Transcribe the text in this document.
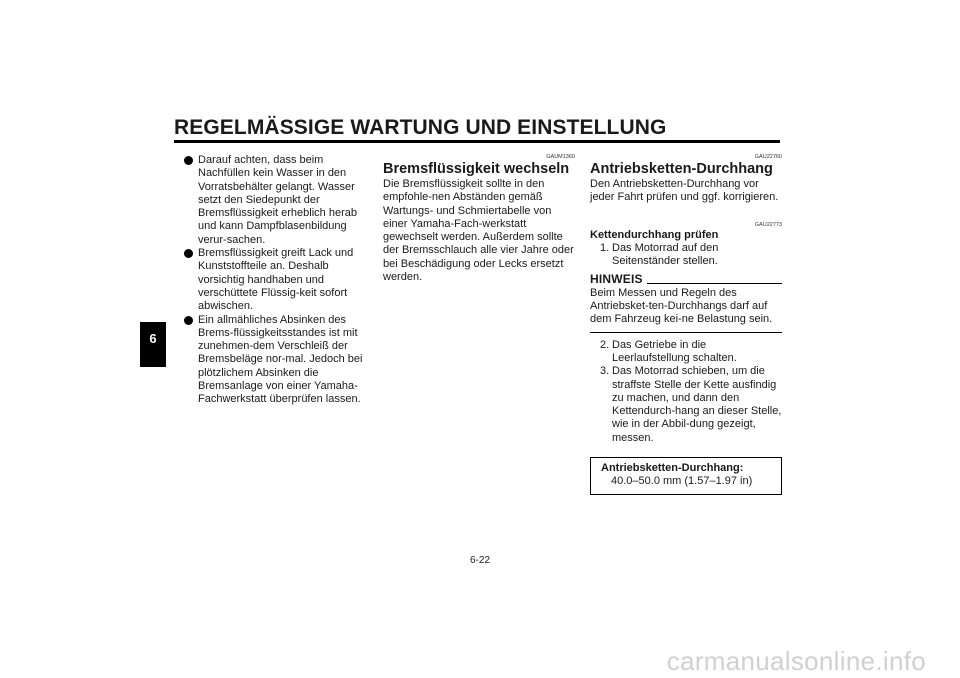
REGELMÄSSIGE WARTUNG UND EINSTELLUNG
6
Darauf achten, dass beim Nachfüllen kein Wasser in den Vorratsbehälter gelangt. Wasser setzt den Siedepunkt der Bremsflüssigkeit erheblich herab und kann Dampfblasenbildung verur-sachen.
Bremsflüssigkeit greift Lack und Kunststoffteile an. Deshalb vorsichtig handhaben und verschüttete Flüssig-keit sofort abwischen.
Ein allmähliches Absinken des Brems-flüssigkeitsstandes ist mit zunehmen-dem Verschleiß der Bremsbeläge nor-mal. Jedoch bei plötzlichem Absinken die Bremsanlage von einer Yamaha-Fachwerkstatt überprüfen lassen.
GAUM1360
Bremsflüssigkeit wechseln

Die Bremsflüssigkeit sollte in den empfohle-nen Abständen gemäß Wartungs- und Schmiertabelle von einer Yamaha-Fach-werkstatt gewechselt werden. Außerdem sollte der Bremsschlauch alle vier Jahre oder bei Beschädigung oder Lecks ersetzt werden.

GAU22760
Antriebsketten-Durchhang

Den Antriebsketten-Durchhang vor jeder Fahrt prüfen und ggf. korrigieren.

GAU22773
Kettendurchhang prüfen
1. Das Motorrad auf den Seitenständer stellen.
HINWEIS

Beim Messen und Regeln des Antriebsket-ten-Durchhangs darf auf dem Fahrzeug kei-ne Belastung sein.

2. Das Getriebe in die Leerlaufstellung schalten.
3. Das Motorrad schieben, um die straffste Stelle der Kette ausfindig zu machen, und dann den Kettendurch-hang an dieser Stelle, wie in der Abbil-dung gezeigt, messen.
Antriebsketten-Durchhang:
40.0–50.0 mm (1.57–1.97 in)
6-22
carmanualsonline.info
